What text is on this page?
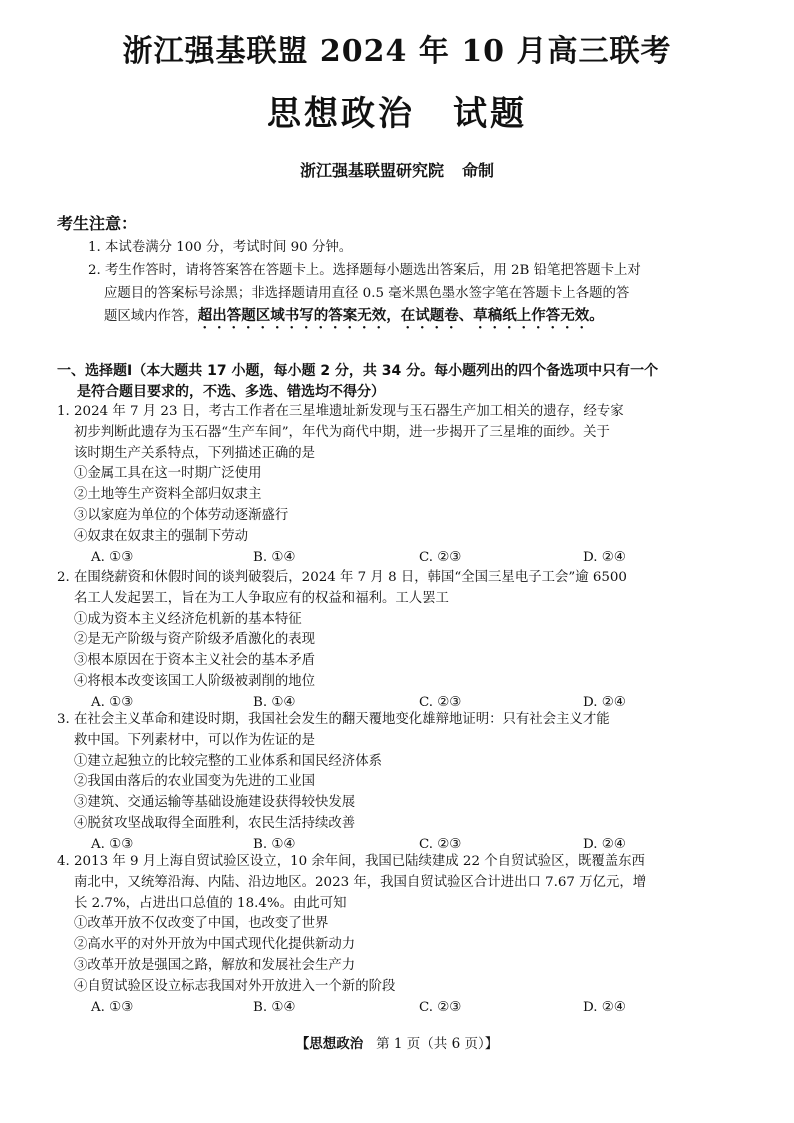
浙江强基联盟 2024 年 10 月高三联考
思想政治 试题
浙江强基联盟研究院 命制
考生注意：
1. 本试卷满分 100 分，考试时间 90 分钟。
2. 考生作答时，请将答案答在答题卡上。选择题每小题选出答案后，用 2B 铅笔把答题卡上对
应题目的答案标号涂黑；非选择题请用直径 0.5 毫米黑色墨水签字笔在答题卡上各题的答
题区域内作答，超出答题区域书写的答案无效，在试题卷、草稿纸上作答无效。
一、选择题Ⅰ（本大题共 17 小题，每小题 2 分，共 34 分。每小题列出的四个备选项中只有一个
是符合题目要求的，不选、多选、错选均不得分）
1. 2024 年 7 月 23 日，考古工作者在三星堆遗址新发现与玉石器生产加工相关的遗存，经专家
初步判断此遗存为玉石器“生产车间”，年代为商代中期，进一步揭开了三星堆的面纱。关于
该时期生产关系特点，下列描述正确的是
①金属工具在这一时期广泛使用
②土地等生产资料全部归奴隶主
③以家庭为单位的个体劳动逐渐盛行
④奴隶在奴隶主的强制下劳动
A. ①③	B. ①④	C. ②③	D. ②④
2. 在围绕薪资和休假时间的谈判破裂后，2024 年 7 月 8 日，韩国“全国三星电子工会”逾 6500
名工人发起罢工，旨在为工人争取应有的权益和福利。工人罢工
①成为资本主义经济危机新的基本特征
②是无产阶级与资产阶级矛盾激化的表现
③根本原因在于资本主义社会的基本矛盾
④将根本改变该国工人阶级被剥削的地位
A. ①③	B. ①④	C. ②③	D. ②④
3. 在社会主义革命和建设时期，我国社会发生的翻天覆地变化雄辩地证明：只有社会主义才能
救中国。下列素材中，可以作为佐证的是
①建立起独立的比较完整的工业体系和国民经济体系
②我国由落后的农业国变为先进的工业国
③建筑、交通运输等基础设施建设获得较快发展
④脱贫攻坚战取得全面胜利，农民生活持续改善
A. ①③	B. ①④	C. ②③	D. ②④
4. 2013 年 9 月上海自贸试验区设立，10 余年间，我国已陆续建成 22 个自贸试验区，既覆盖东西
南北中，又统筹沿海、内陆、沿边地区。2023 年，我国自贸试验区合计进出口 7.67 万亿元，增
长 2.7%，占进出口总值的 18.4%。由此可知
①改革开放不仅改变了中国，也改变了世界
②高水平的对外开放为中国式现代化提供新动力
③改革开放是强国之路，解放和发展社会生产力
④自贸试验区设立标志我国对外开放进入一个新的阶段
A. ①③	B. ①④	C. ②③	D. ②④
【思想政治 第 1 页（共 6 页）】
